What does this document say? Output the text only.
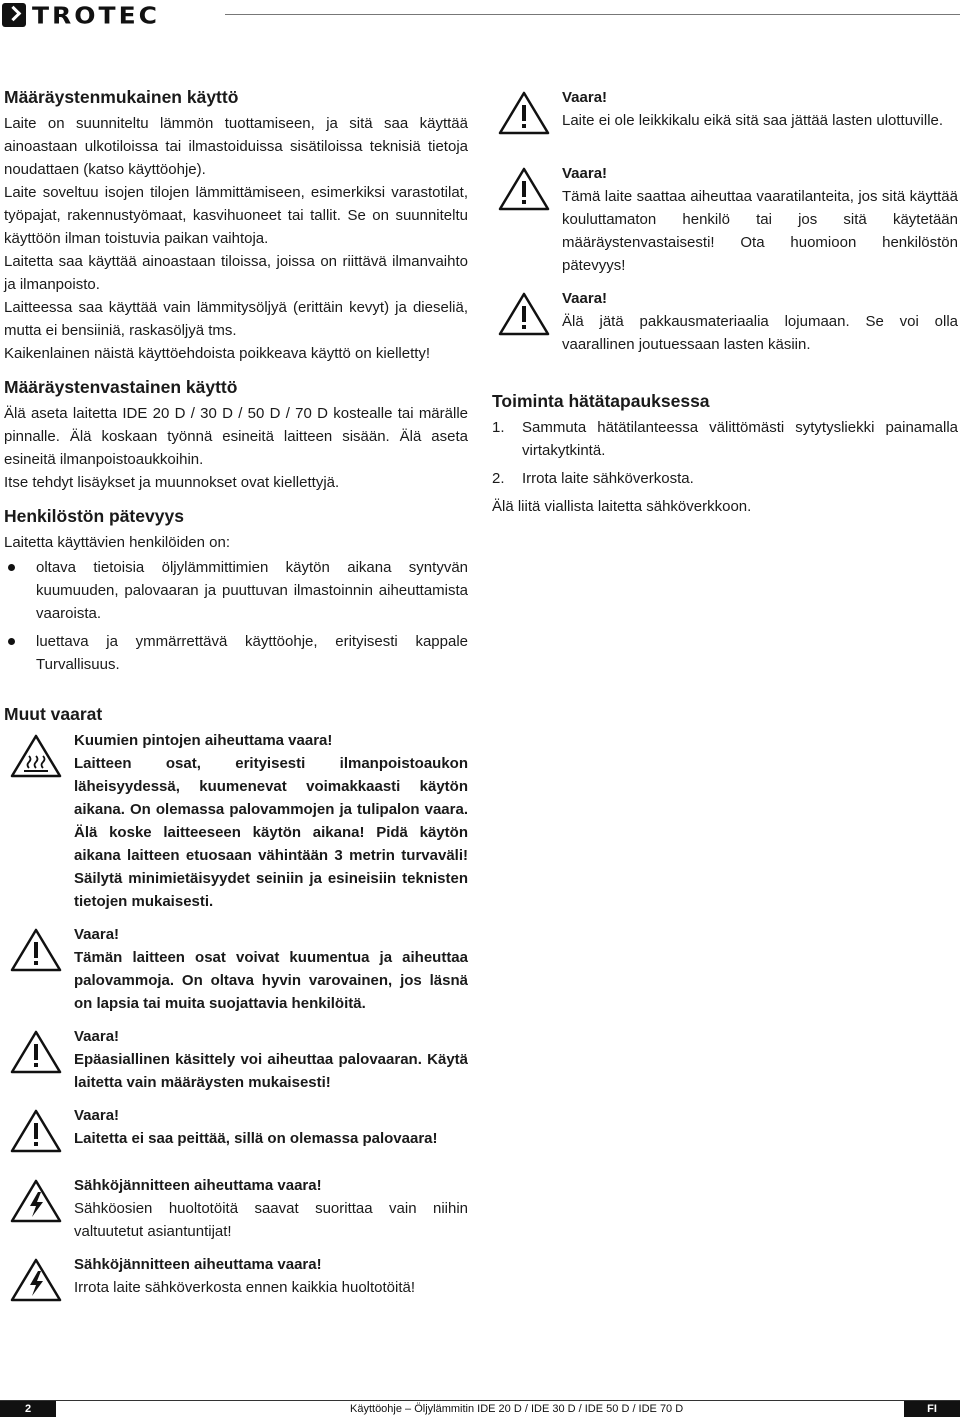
TROTEC
Määräystenmukainen käyttö

Laite on suunniteltu lämmön tuottamiseen, ja sitä saa käyttää ainoastaan ulkotiloissa tai ilmastoiduissa sisätiloissa teknisiä tietoja noudattaen (katso käyttöohje).

Laite soveltuu isojen tilojen lämmittämiseen, esimerkiksi varastotilat, työpajat, rakennustyömaat, kasvihuoneet tai tallit. Se on suunniteltu käyttöön ilman toistuvia paikan vaihtoja.

Laitetta saa käyttää ainoastaan tiloissa, joissa on riittävä ilmanvaihto ja ilmanpoisto.

Laitteessa saa käyttää vain lämmitysöljyä (erittäin kevyt) ja dieseliä, mutta ei bensiiniä, raskasöljyä tms.

Kaikenlainen näistä käyttöehdoista poikkeava käyttö on kielletty!

Määräystenvastainen käyttö

Älä aseta laitetta IDE 20 D / 30 D / 50 D / 70 D kostealle tai märälle pinnalle. Älä koskaan työnnä esineitä laitteen sisään. Älä aseta esineitä ilmanpoistoaukkoihin.

Itse tehdyt lisäykset ja muunnokset ovat kiellettyjä.

Henkilöstön pätevyys

Laitetta käyttävien henkilöiden on:

oltava tietoisia öljylämmittimien käytön aikana syntyvän kuumuuden, palovaaran ja puuttuvan ilmastoinnin aiheuttamista vaaroista.
luettava ja ymmärrettävä käyttöohje, erityisesti kappale Turvallisuus.
Muut vaarat
Kuumien pintojen aiheuttama vaara!
Laitteen osat, erityisesti ilmanpoistoaukon läheisyydessä, kuumenevat voimakkaasti käytön aikana. On olemassa palovammojen ja tulipalon vaara. Älä koske laitteeseen käytön aikana! Pidä käytön aikana laitteen etuosaan vähintään 3 metrin turvaväli! Säilytä minimietäisyydet seiniin ja esineisiin teknisten tietojen mukaisesti.
Vaara!
Tämän laitteen osat voivat kuumentua ja aiheuttaa palovammoja. On oltava hyvin varovainen, jos läsnä on lapsia tai muita suojattavia henkilöitä.
Vaara!
Epäasiallinen käsittely voi aiheuttaa palovaaran. Käytä laitetta vain määräysten mukaisesti!
Vaara!
Laitetta ei saa peittää, sillä on olemassa palovaara!
Sähköjännitteen aiheuttama vaara!
Sähköosien huoltotöitä saavat suorittaa vain niihin valtuutetut asiantuntijat!
Sähköjännitteen aiheuttama vaara!
Irrota laite sähköverkosta ennen kaikkia huoltotöitä!
Vaara!
Laite ei ole leikkikalu eikä sitä saa jättää lasten ulottuville.
Vaara!
Tämä laite saattaa aiheuttaa vaaratilanteita, jos sitä käyttää kouluttamaton henkilö tai jos sitä käytetään määräystenvastaisesti! Ota huomioon henkilöstön pätevyys!
Vaara!
Älä jätä pakkausmateriaalia lojumaan. Se voi olla vaarallinen joutuessaan lasten käsiin.
Toiminta hätätapauksessa
1. Sammuta hätätilanteessa välittömästi sytytysliekki painamalla virtakytkintä.
2. Irrota laite sähköverkosta.

Älä liitä viallista laitetta sähköverkkoon.

2	Käyttöohje – Öljylämmitin IDE 20 D / IDE 30 D / IDE 50 D / IDE 70 D	FI
